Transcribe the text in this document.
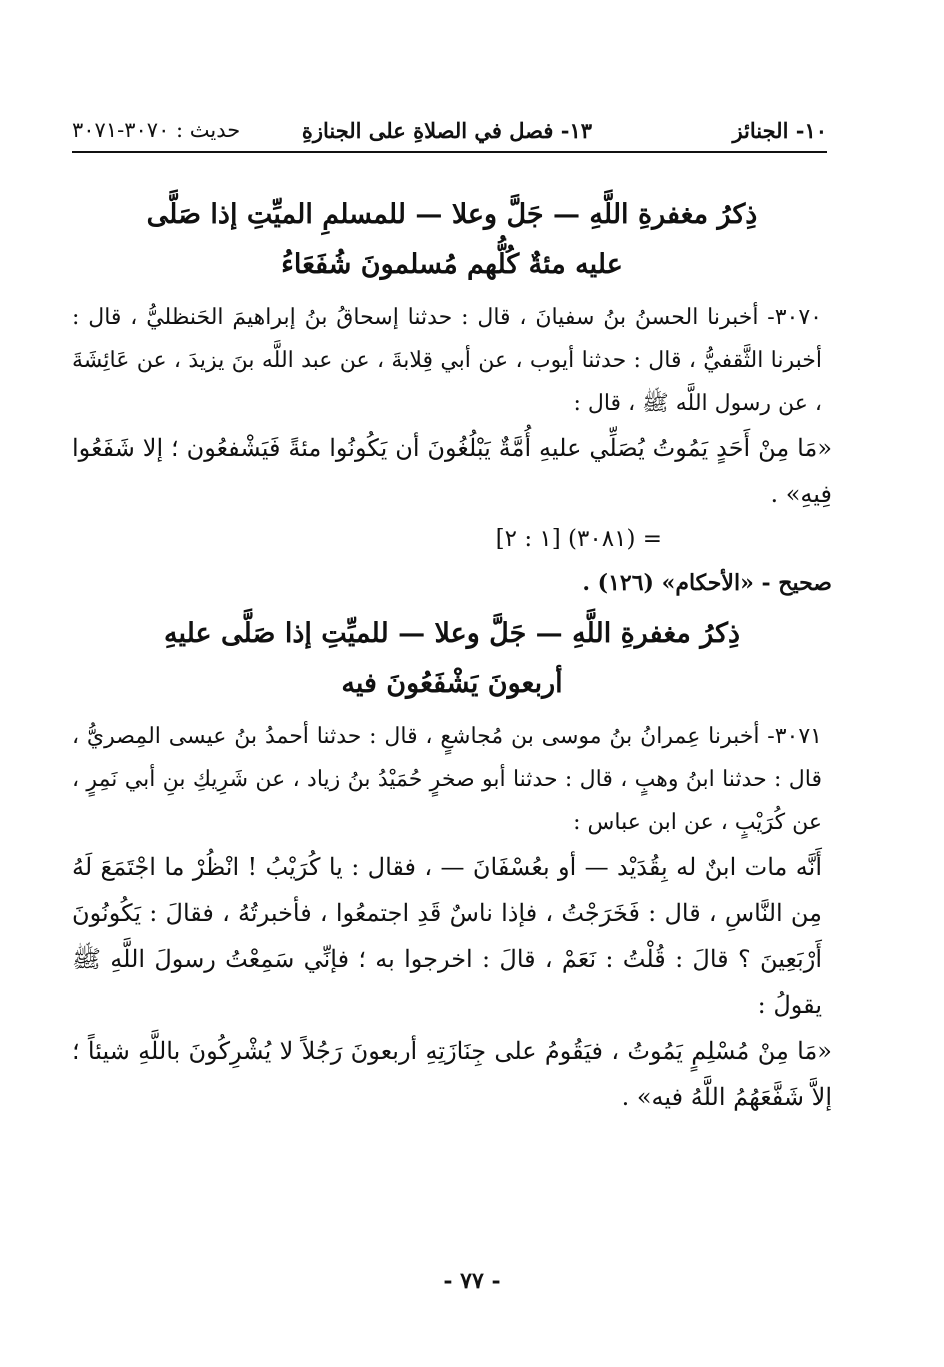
١٠- الجنائز
١٣- فصل في الصلاةِ على الجنازةِ
حديث : ٣٠٧٠-٣٠٧١

ذِكرُ مغفرةِ اللَّهِ — جَلَّ وعلا — للمسلمِ الميِّتِ إذا صَلَّى

عليه مئةٌ كُلُّهم مُسلمونَ شُفَعَاءُ

٣٠٧٠- أخبرنا الحسنُ بنُ سفيانَ ، قال : حدثنا إسحاقُ بنُ إبراهيمَ الحَنظليُّ ، قال : أخبرنا الثَّقفيُّ ، قال : حدثنا أيوب ، عن أبي قِلابةَ ، عن عبد اللَّه بنَ يزيدَ ، عن عَائِشَةَ ، عن رسول اللَّه ﷺ ، قال :

«مَا مِنْ أَحَدٍ يَمُوتُ يُصَلِّي عليهِ أُمَّةٌ يَبْلُغُونَ أن يَكُونُوا مئةً فَيَشْفعُون ؛ إلا شَفَعُوا فِيهِ» .

= (٣٠٨١) [١ : ٢]

صحيح - «الأحكام» (١٢٦) .

ذِكرُ مغفرةِ اللَّهِ — جَلَّ وعلا — للميِّتِ إذا صَلَّى عليهِ

أربعونَ يَشْفَعُونَ فيه

٣٠٧١- أخبرنا عِمرانُ بنُ موسى بن مُجاشعٍ ، قال : حدثنا أحمدُ بنُ عيسى المِصريُّ ، قال : حدثنا ابنُ وهبٍ ، قال : حدثنا أبو صخرٍ حُمَيْدُ بنُ زياد ، عن شَرِيكِ بنِ أبي نَمِرٍ ، عن كُرَيْبٍ ، عن ابن عباس :

أَنَّه مات ابنٌ له بِقُدَيْد — أو بعُسْفَانَ — ، فقال : يا كُرَيْبُ ! انْظُرْ ما اجْتَمَعَ لَهُ مِن النَّاسِ ، قال : فَخَرَجْتُ ، فإذا ناسٌ قَدِ اجتمعُوا ، فأخبرتُهُ ، فقالَ : يَكُونُونَ أَرْبَعِينَ ؟ قالَ : قُلْتُ : نَعَمْ ، قالَ : اخرجوا به ؛ فإنِّي سَمِعْتُ رسولَ اللَّهِ ﷺ يقولُ :

«مَا مِنْ مُسْلِمٍ يَمُوتُ ، فيَقُومُ على جِنَازَتِهِ أربعونَ رَجُلاً لا يُشْرِكُونَ باللَّهِ شيئاً ؛ إلاَّ شَفَّعَهُمُ اللَّهُ فيه» .

- ٧٧ -
